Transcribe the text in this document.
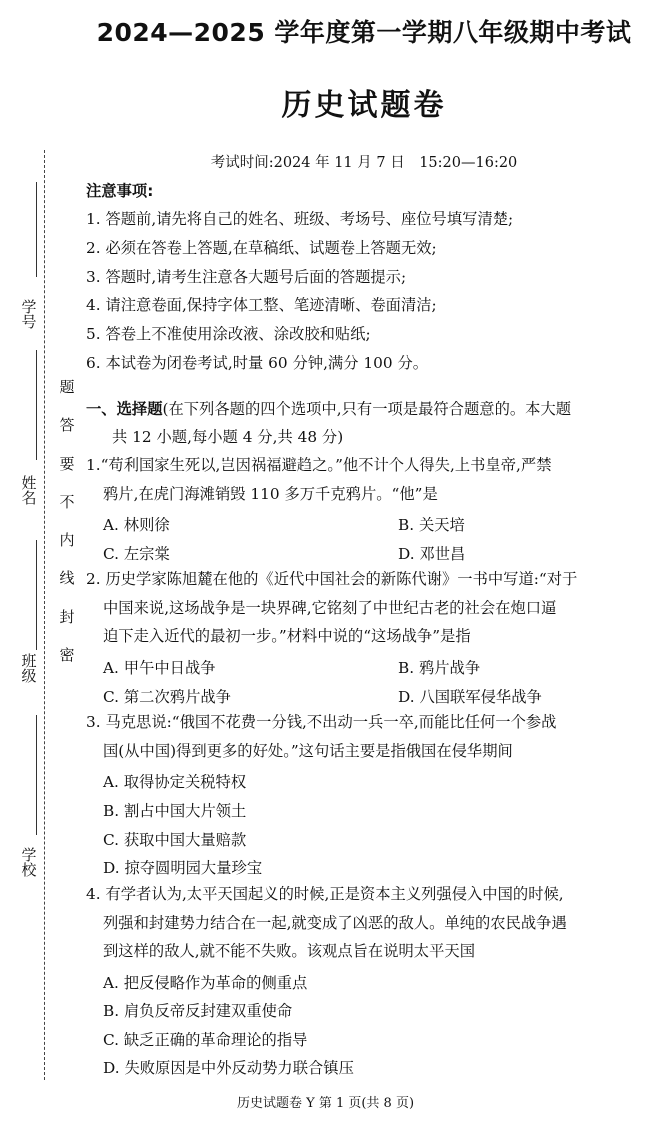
学号
姓名
班级
学校
题
答
要
不
内
线
封
密
2024—2025 学年度第一学期八年级期中考试
历史试题卷
考试时间:2024 年 11 月 7 日　15:20—16:20
注意事项:
1. 答题前,请先将自己的姓名、班级、考场号、座位号填写清楚;
2. 必须在答卷上答题,在草稿纸、试题卷上答题无效;
3. 答题时,请考生注意各大题号后面的答题提示;
4. 请注意卷面,保持字体工整、笔迹清晰、卷面清洁;
5. 答卷上不准使用涂改液、涂改胶和贴纸;
6. 本试卷为闭卷考试,时量 60 分钟,满分 100 分。
一、选择题(在下列各题的四个选项中,只有一项是最符合题意的。本大题
共 12 小题,每小题 4 分,共 48 分)
1.“苟利国家生死以,岂因祸福避趋之。”他不计个人得失,上书皇帝,严禁
鸦片,在虎门海滩销毁 110 多万千克鸦片。“他”是
A. 林则徐	B. 关天培
C. 左宗棠	D. 邓世昌
2. 历史学家陈旭麓在他的《近代中国社会的新陈代谢》一书中写道:“对于
中国来说,这场战争是一块界碑,它铭刻了中世纪古老的社会在炮口逼
迫下走入近代的最初一步。”材料中说的“这场战争”是指
A. 甲午中日战争	B. 鸦片战争
C. 第二次鸦片战争	D. 八国联军侵华战争
3. 马克思说:“俄国不花费一分钱,不出动一兵一卒,而能比任何一个参战
国(从中国)得到更多的好处。”这句话主要是指俄国在侵华期间
A. 取得协定关税特权
B. 割占中国大片领土
C. 获取中国大量赔款
D. 掠夺圆明园大量珍宝
4. 有学者认为,太平天国起义的时候,正是资本主义列强侵入中国的时候,
列强和封建势力结合在一起,就变成了凶恶的敌人。单纯的农民战争遇
到这样的敌人,就不能不失败。该观点旨在说明太平天国
A. 把反侵略作为革命的侧重点
B. 肩负反帝反封建双重使命
C. 缺乏正确的革命理论的指导
D. 失败原因是中外反动势力联合镇压
历史试题卷 Y 第 1 页(共 8 页)
